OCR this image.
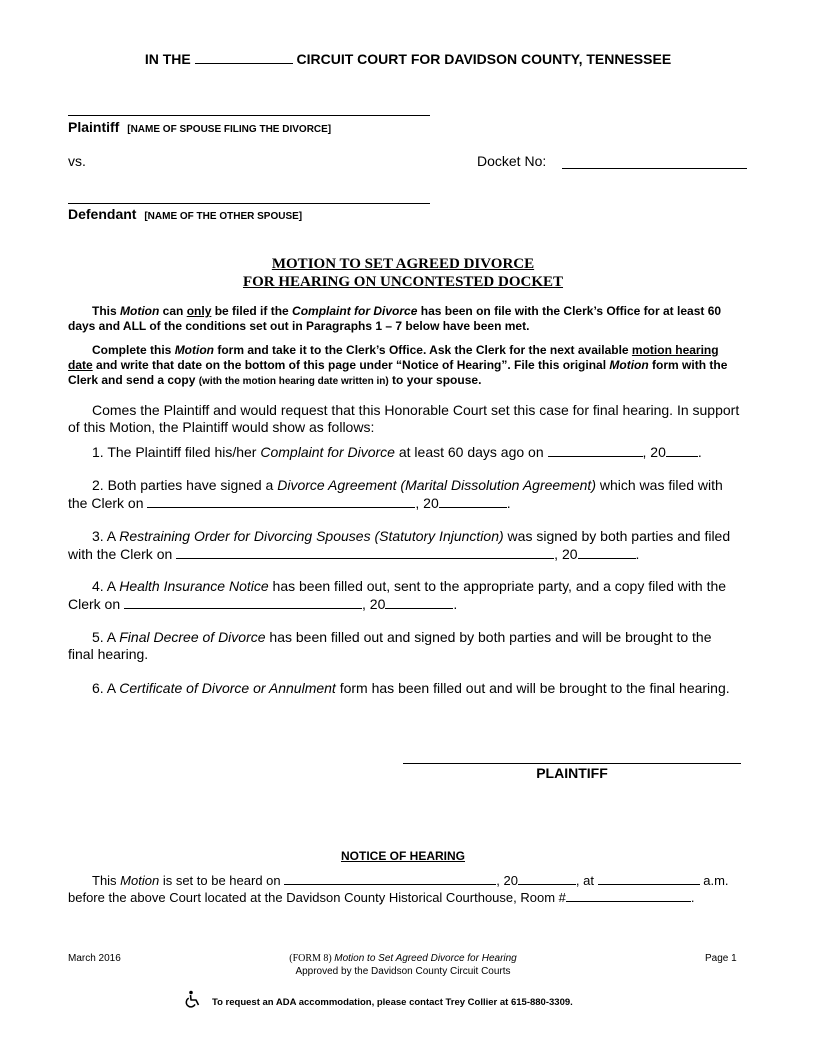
IN THE	CIRCUIT COURT FOR DAVIDSON COUNTY, TENNESSEE
Plaintiff [NAME OF SPOUSE FILING THE DIVORCE]
vs.	Docket No:
Defendant [NAME OF THE OTHER SPOUSE]
MOTION TO SET AGREED DIVORCE
FOR HEARING ON UNCONTESTED DOCKET
This Motion can only be filed if the Complaint for Divorce has been on file with the Clerk’s Office for at least 60 days and ALL of the conditions set out in Paragraphs 1 – 7 below have been met.
Complete this Motion form and take it to the Clerk’s Office. Ask the Clerk for the next available motion hearing date and write that date on the bottom of this page under “Notice of Hearing”. File this original Motion form with the Clerk and send a copy (with the motion hearing date written in) to your spouse.
Comes the Plaintiff and would request that this Honorable Court set this case for final hearing. In support of this Motion, the Plaintiff would show as follows:
1. The Plaintiff filed his/her Complaint for Divorce at least 60 days ago on	, 20 .
2. Both parties have signed a Divorce Agreement (Marital Dissolution Agreement) which was filed with the Clerk on	, 20	.
3. A Restraining Order for Divorcing Spouses (Statutory Injunction) was signed by both parties and filed with the Clerk on	, 20	.
4. A Health Insurance Notice has been filled out, sent to the appropriate party, and a copy filed with the Clerk on	, 20	.
5. A Final Decree of Divorce has been filled out and signed by both parties and will be brought to the final hearing.
6. A Certificate of Divorce or Annulment form has been filled out and will be brought to the final hearing.
PLAINTIFF
NOTICE OF HEARING
This Motion is set to be heard on	, 20	, at	a.m.
before the above Court located at the Davidson County Historical Courthouse, Room #	.
March 2016	(FORM 8) Motion to Set Agreed Divorce for Hearing
Approved by the Davidson County Circuit Courts
Page 1
To request an ADA accommodation, please contact Trey Collier at 615-880-3309.
